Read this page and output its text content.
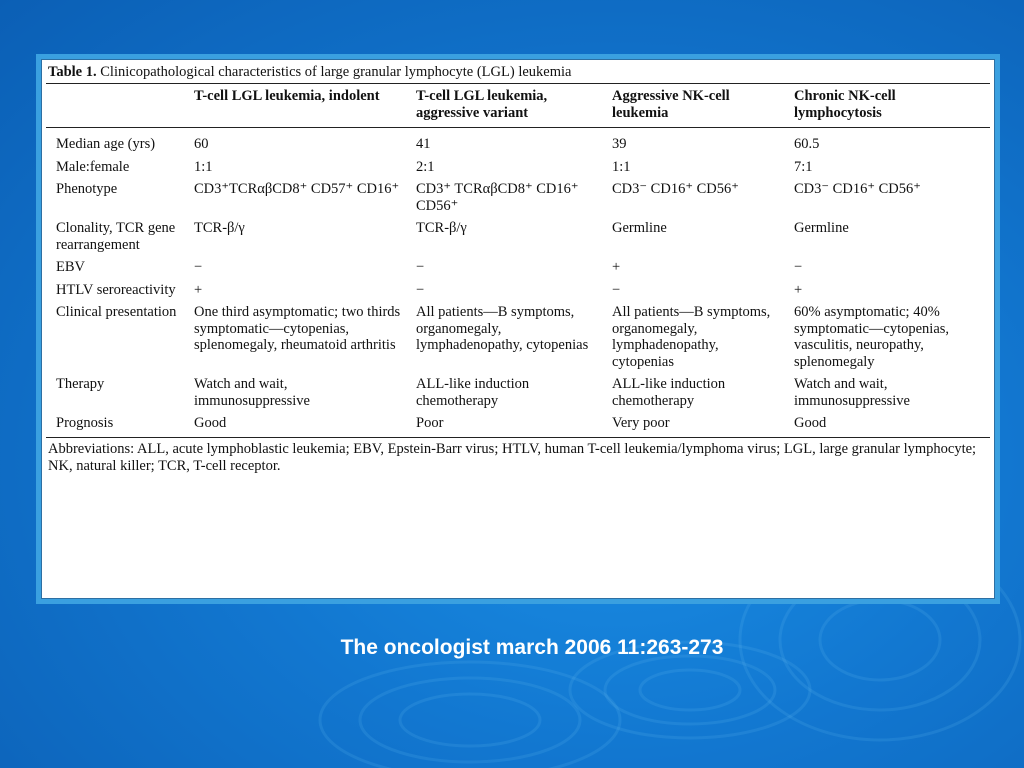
Table 1. Clinicopathological characteristics of large granular lymphocyte (LGL) leukemia
	T-cell LGL leukemia, indolent	T-cell LGL leukemia, aggressive variant	Aggressive NK-cell leukemia	Chronic NK-cell lymphocytosis
Median age (yrs)	60	41	39	60.5
Male:female	1:1	2:1	1:1	7:1
Phenotype	CD3⁺TCRαβCD8⁺ CD57⁺ CD16⁺	CD3⁺ TCRαβCD8⁺ CD16⁺ CD56⁺	CD3⁻ CD16⁺ CD56⁺	CD3⁻ CD16⁺ CD56⁺
Clonality, TCR gene rearrangement	TCR-β/γ	TCR-β/γ	Germline	Germline
EBV	−	−	+	−
HTLV seroreactivity	+	−	−	+
Clinical presentation	One third asymptomatic; two thirds symptomatic—cytopenias, splenomegaly, rheumatoid arthritis	All patients—B symptoms, organomegaly, lymphadenopathy, cytopenias	All patients—B symptoms, organomegaly, lymphadenopathy, cytopenias	60% asymptomatic; 40% symptomatic—cytopenias, vasculitis, neuropathy, splenomegaly
Therapy	Watch and wait, immunosuppressive	ALL-like induction chemotherapy	ALL-like induction chemotherapy	Watch and wait, immunosuppressive
Prognosis	Good	Poor	Very poor	Good
Abbreviations: ALL, acute lymphoblastic leukemia; EBV, Epstein-Barr virus; HTLV, human T-cell leukemia/lymphoma virus; LGL, large granular lymphocyte; NK, natural killer; TCR, T-cell receptor.
The oncologist march 2006 11:263-273
